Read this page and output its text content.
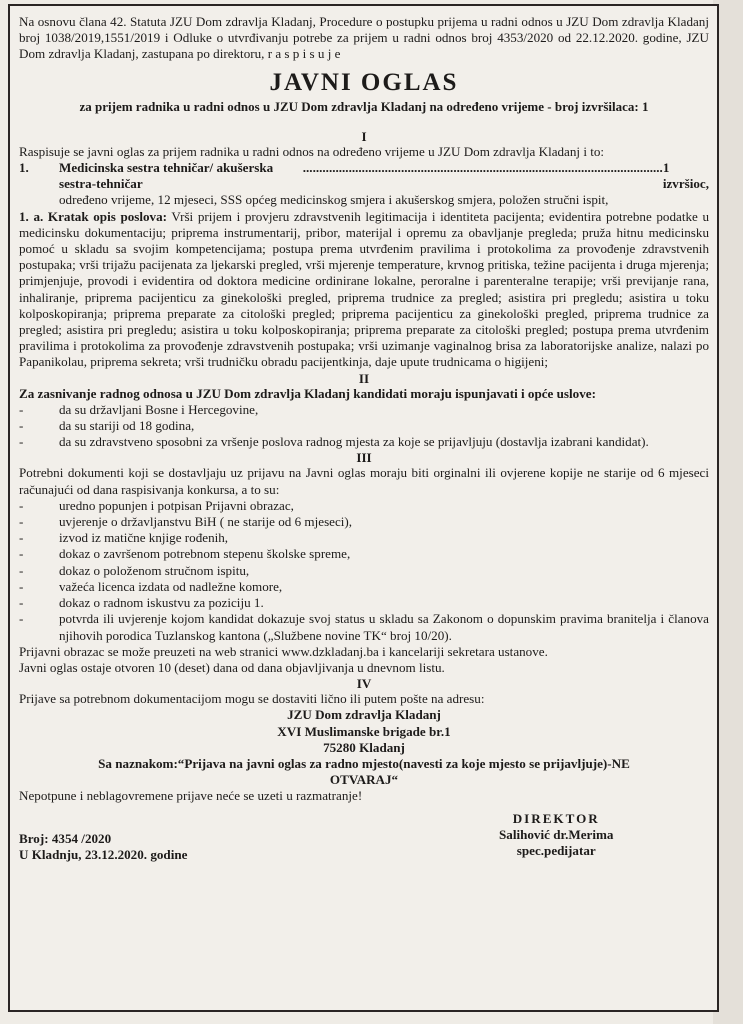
Na osnovu člana 42. Statuta JZU Dom zdravlja Kladanj, Procedure o postupku prijema u radni odnos u JZU Dom zdravlja Kladanj broj 1038/2019,1551/2019 i Odluke o utvrđivanju potrebe za prijem u radni odnos broj 4353/2020 od 22.12.2020. godine, JZU Dom zdravlja Kladanj, zastupana po direktoru, r a s p i s u j e

JAVNI OGLAS
za prijem radnika u radni odnos u JZU Dom zdravlja Kladanj na određeno vrijeme - broj izvršilaca: 1
I

Raspisuje se javni oglas za prijem radnika u radni odnos na određeno vrijeme u JZU Dom zdravlja Kladanj i to:

1.	Medicinska sestra tehničar/ akušerska sestra-tehničar
.............................................................................................................. 1 izvršioc,

određeno vrijeme, 12 mjeseci, SSS općeg medicinskog smjera i akušerskog smjera, položen stručni ispit,

1. a. Kratak opis poslova: Vrši prijem i provjeru zdravstvenih legitimacija i identiteta pacijenta; evidentira potrebne podatke u medicinsku dokumentaciju; priprema instrumentarij, pribor, materijal i opremu za obavljanje pregleda; pruža hitnu medicinsku pomoć u skladu sa svojim kompetencijama; postupa prema utvrđenim pravilima i protokolima za provođenje zdravstvenih postupaka; vrši trijažu pacijenata za ljekarski pregled, vrši mjerenje temperature, krvnog pritiska, težine pacijenta i druga mjerenja; primjenjuje, provodi i evidentira od doktora medicine ordinirane lokalne, peroralne i parenteralne terapije; vrši previjanje rana, inhaliranje, priprema pacijenticu za ginekološki pregled, priprema trudnice za pregled; asistira pri pregledu; asistira u toku kolposkopiranja; priprema preparate za citološki pregled; priprema pacijenticu za ginekološki pregled, priprema trudnice za pregled; asistira pri pregledu; asistira u toku kolposkopiranja; priprema preparate za citološki pregled; postupa prema utvrđenim pravilima i protokolima za provođenje zdravstvenih postupaka; vrši uzimanje vaginalnog brisa za laboratorijske analize, nalazi po Papanikolau, priprema sekreta; vrši trudničku obradu pacijentkinja, daje upute trudnicama o higijeni;

II

Za zasnivanje radnog odnosa u JZU Dom zdravlja Kladanj kandidati moraju ispunjavati i opće uslove:

-	da su državljani Bosne i Hercegovine,
-	da su stariji od 18 godina,
-	da su zdravstveno sposobni za vršenje poslova radnog mjesta za koje se prijavljuju (dostavlja izabrani kandidat).
III

Potrebni dokumenti koji se dostavljaju uz prijavu na Javni oglas moraju biti orginalni ili ovjerene kopije ne starije od 6 mjeseci računajući od dana raspisivanja konkursa, a to su:

-	uredno popunjen i potpisan Prijavni obrazac,
-	uvjerenje o državljanstvu BiH ( ne starije od 6 mjeseci),
-	izvod iz matične knjige rođenih,
-	dokaz o završenom potrebnom stepenu školske spreme,
-	dokaz o položenom stručnom ispitu,
-	važeća licenca izdata od nadležne komore,
-	dokaz o radnom iskustvu za poziciju 1.
-	potvrda ili uvjerenje kojom kandidat dokazuje svoj status u skladu sa Zakonom o dopunskim pravima branitelja i članova njihovih porodica Tuzlanskog kantona („Službene novine TK“ broj 10/20).

Prijavni obrazac se može preuzeti na web stranici www.dzkladanj.ba i kancelariji sekretara ustanove.

Javni oglas ostaje otvoren 10 (deset) dana od dana objavljivanja u dnevnom listu.

IV

Prijave sa potrebnom dokumentacijom mogu se dostaviti lično ili putem pošte na adresu:

JZU Dom zdravlja Kladanj
XVI Muslimanske brigade br.1
75280 Kladanj

Sa naznakom:“Prijava na javni oglas za radno mjesto(navesti za koje mjesto se prijavljuje)-NE OTVARAJ“

Nepotpune i neblagovremene prijave neće se uzeti u razmatranje!

Broj: 4354 /2020
U Kladnju, 23.12.2020. godine
DIREKTOR
Salihović dr.Merima
spec.pedijatar
